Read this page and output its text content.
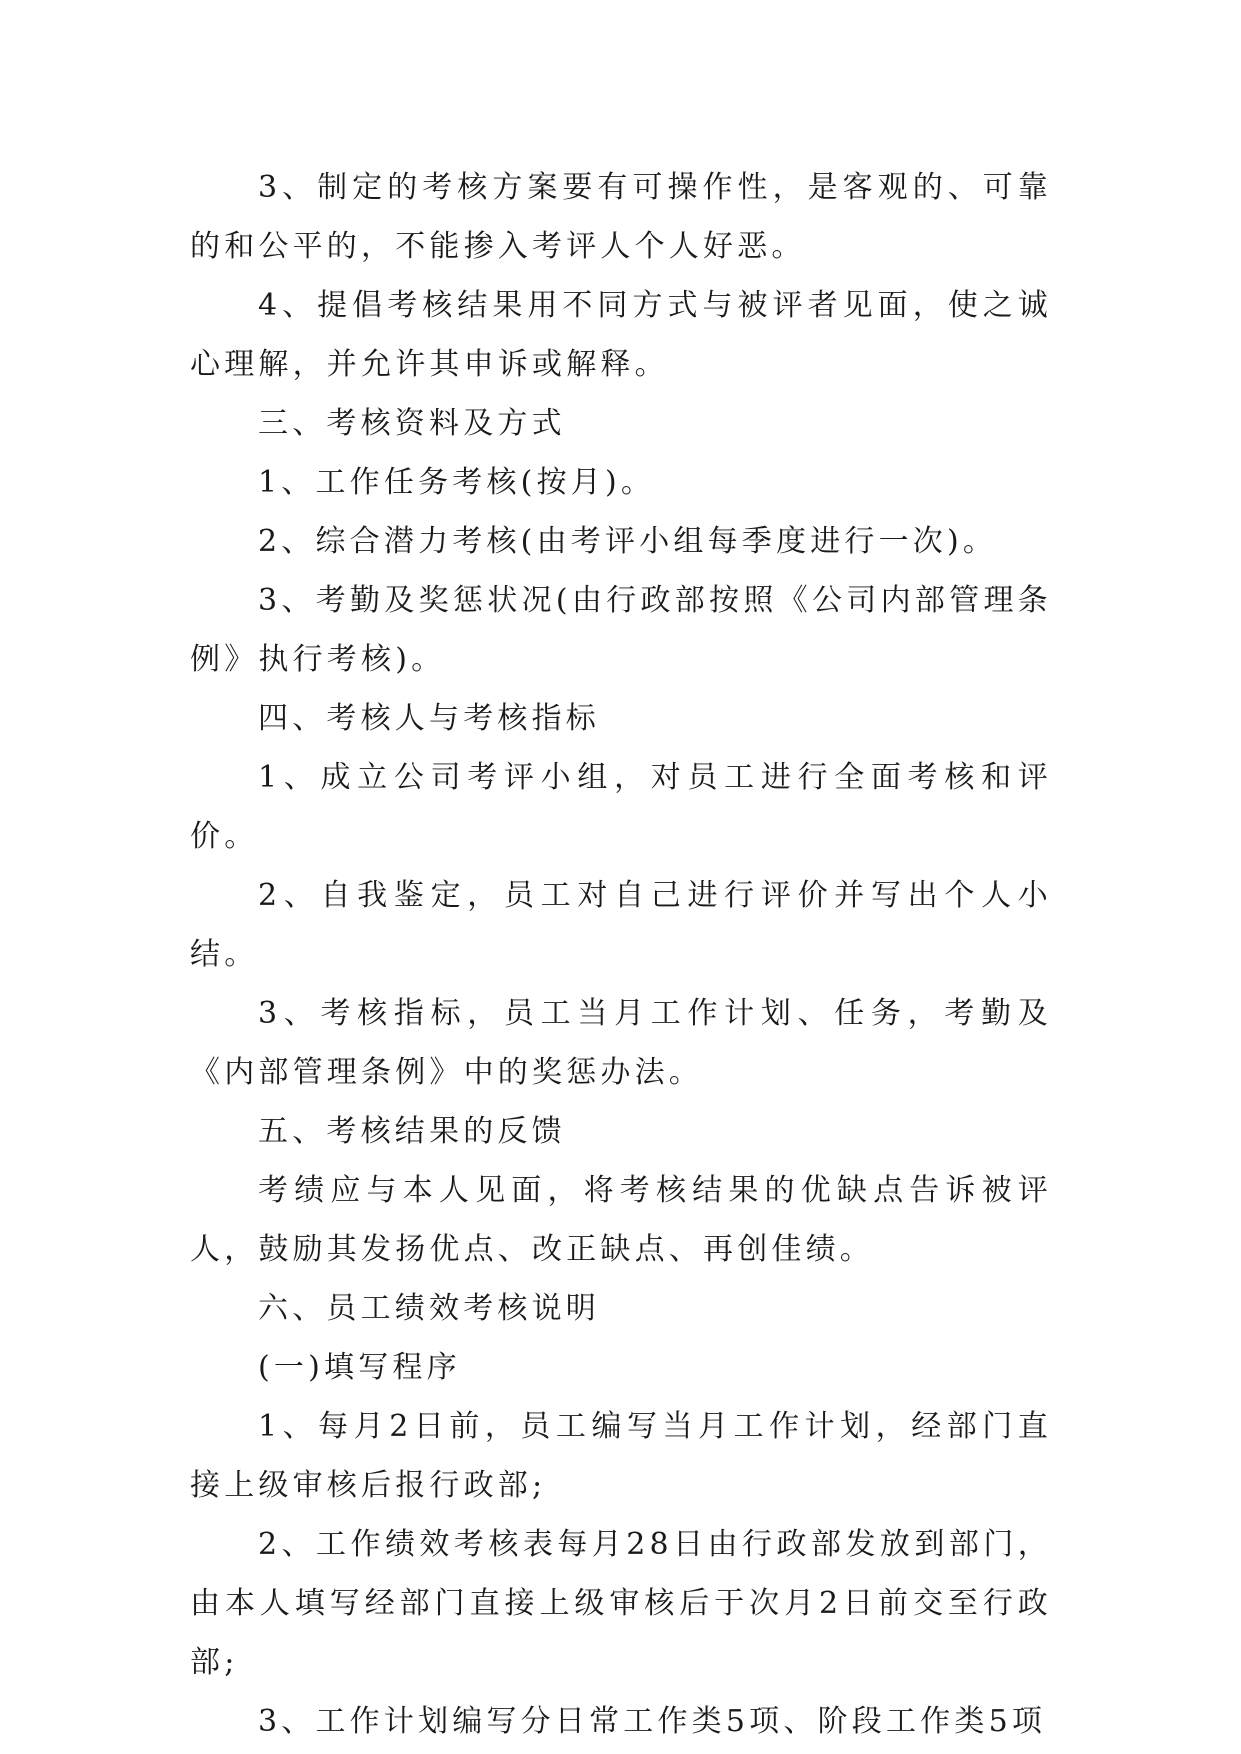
3、制定的考核方案要有可操作性，是客观的、可靠的和公平的，不能掺入考评人个人好恶。

4、提倡考核结果用不同方式与被评者见面，使之诚心理解，并允许其申诉或解释。

三、考核资料及方式

1、工作任务考核(按月)。

2、综合潜力考核(由考评小组每季度进行一次)。

3、考勤及奖惩状况(由行政部按照《公司内部管理条例》执行考核)。

四、考核人与考核指标

1、成立公司考评小组，对员工进行全面考核和评价。

2、自我鉴定，员工对自己进行评价并写出个人小结。

3、考核指标，员工当月工作计划、任务，考勤及《内部管理条例》中的奖惩办法。

五、考核结果的反馈

考绩应与本人见面，将考核结果的优缺点告诉被评人，鼓励其发扬优点、改正缺点、再创佳绩。

六、员工绩效考核说明

(一)填写程序

1、每月2日前，员工编写当月工作计划，经部门直接上级审核后报行政部;

2、工作绩效考核表每月28日由行政部发放到部门，由本人填写经部门直接上级审核后于次月2日前交至行政部;

3、工作计划编写分日常工作类5项、阶段工作类5项
